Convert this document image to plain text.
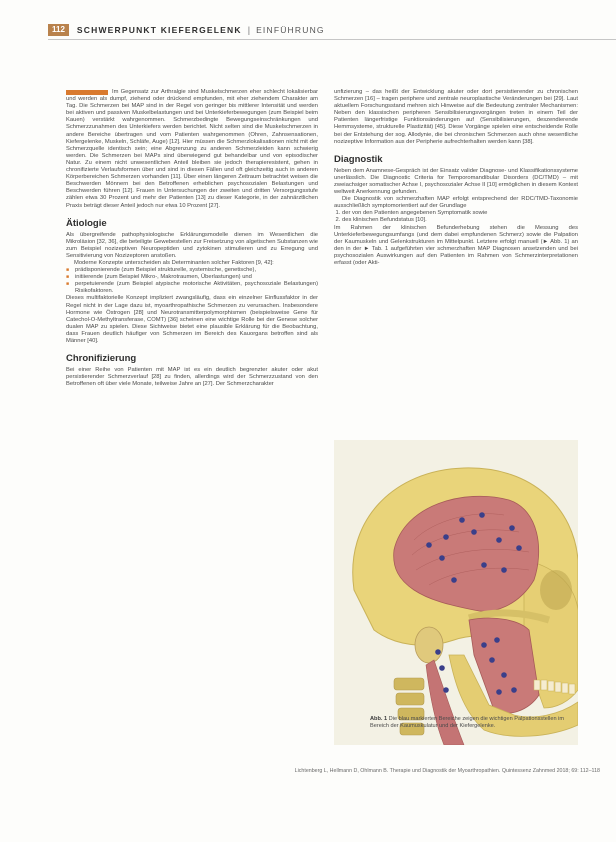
112	SCHWERPUNKT KIEFERGELENK | EINFÜHRUNG

Im Gegensatz zur Arthralgie sind Muskelschmerzen eher schlecht lokalisierbar und werden als dumpf, ziehend oder drückend empfunden, mit eher ziehendem Charakter am Tag. Die Schmerzen bei MAP sind in der Regel von geringer bis mittlerer Intensität und werden bei aktiven und passiven Muskelbelastungen und bei Unterkieferbewegungen (zum Beispiel beim Kauen) verstärkt wahrgenommen. Schmerzbedingte Bewegungseinschränkungen und Schmerzzunahmen des Unterkiefers werden berichtet. Nicht selten sind die Muskelschmerzen in andere Bereiche übertragen und vom Patienten wahrgenommen (Ohren, Zahnsensationen, Kiefergelenke, Muskeln, Schläfe, Auge) [12]. Hier müssen die Schmerzlokalisationen nicht mit der Schmerzquelle identisch sein; eine Abgrenzung zu anderen Schmerzleiden kann schwierig werden. Die Schmerzen bei MAPs sind überwiegend gut behandelbar und von episodischer Natur. Zu einem nicht unwesentlichen Anteil bleiben sie jedoch therapieresistent, gehen in chronifizierte Verlaufsformen über und sind in diesen Fällen und oft gleichzeitig auch in anderen Körperbereichen Schmerzen vorhanden [11]. Über einen längeren Zeitraum betrachtet weisen die Beschwerden Mönnern bei den Betroffenen erheblichen psychosozialen Belastungen und Beschwerden führen [12]. Frauen in Untersuchungen der zweiten und dritten Versorgungsstufe zählen etwa 30 Prozent und mehr der Patienten [13] zu dieser Kategorie, in der zahnärztlichen Praxis beträgt dieser Anteil jedoch nur etwa 10 Prozent [27].

Ätiologie

Als übergreifende pathophysiologische Erklärungsmodelle dienen im Wesentlichen die Mikroläsion [32, 36], die beteiligte Gewebestellen zur Freisetzung von algetischen Substanzen wie zum Beispiel nozizeptiven Neuropeptiden und zytokinen stimulieren und zu Erregung und Sensitivierung von Nozizeptoren anstoßen.

Moderne Konzepte unterscheiden als Determinanten solcher Faktoren [9, 42]:

■ prädisponierende (zum Beispiel strukturelle, systemische, genetische),
■ initiierende (zum Beispiel Mikro-, Makrotraumen, Überlastungen) und
■ perpetuierende (zum Beispiel atypische motorische Aktivitäten, psychosoziale Belastungen) Risikofaktoren.

Dieses multifaktorielle Konzept impliziert zwangsläufig, dass ein einzelner Einflussfaktor in der Regel nicht in der Lage dazu ist, myoarthropathische Schmerzen zu verursachen. Insbesondere Hormone wie Östrogen [28] und Neurotransmitterpolymorphismen (beispielsweise Gene für Catechol-O-Methyltransferase, COMT) [36] scheinen eine wichtige Rolle bei der Genese solcher dualen MAP zu spielen. Diese Sichtweise bietet eine plausible Erklärung für die Beobachtung, dass Frauen deutlich häufiger von Schmerzen im Bereich des Kauorgans betroffen sind als Männer [40].

Chronifizierung

Bei einer Reihe von Patienten mit MAP ist es ein deutlich begrenzter akuter oder akut persistierender Schmerzverlauf [28] zu finden, allerdings wird der Schmerzzustand von den Betroffenen oft über viele Monate, teilweise Jahre an [27]. Der Schmerzcharakter

unfizierung – das heißt der Entwicklung akuter oder dort persistierender zu chronischen Schmerzen [16] – tragen periphere und zentrale neuroplastische Veränderungen bei [29]. Laut aktuellem Forschungsstand mehren sich Hinweise auf die Bedeutung zentraler Mechanismen: Neben den klassischen peripheren Sensibilisierungsvorgängen treten in einem Teil der Patienten längerfristige Funktionsänderungen auf (Sensibilisierungen, deszendierende Hemmsysteme, strukturelle Plastizität) [45]. Diese Vorgänge spielen eine entscheidende Rolle bei der Entstehung der sog. Allodynie, die bei chronischen Schmerzen auch ohne wesentliche nozizeptive Information aus der Peripherie aufrechterhalten werden kann [38].

Diagnostik

Neben dem Anamnese-Gespräch ist der Einsatz valider Diagnose- und Klassifikationssysteme unerlässlich. Die Diagnostic Criteria for Temporomandibular Disorders (DC/TMD) – mit zweiachsiger somatischer Achse I, psychosozialer Achse II [10] ermöglichen in diesem Kontext weltweit Anerkennung gefunden.

Die Diagnostik von schmerzhaften MAP erfolgt entsprechend der RDC/TMD-Taxonomie ausschließlich symptomorientiert auf der Grundlage

1. der von den Patienten angegebenen Symptomatik sowie
2. des klinischen Befundstatus [10].

Im Rahmen der klinischen Befunderhebung stehen die Messung des Unterkieferbewegungsumfangs (und dem dabei empfundenen Schmerz) sowie die Palpation der Kaumuskeln und Gelenkstrukturen im Mittelpunkt. Letztere erfolgt manuell (► Abb. 1) an den in der ► Tab. 1 aufgeführten vier schmerzhaften MAP Diagnosen ansetzenden und bei psychosozialen Auswirkungen auf den Patienten im Rahmen von Schmerzinterpretationen erfasst (oder Akti-

Abb. 1 Die blau markierten Bereiche zeigen die wichtigen Palpationsstellen im Bereich der Kaumuskulatur und der Kiefergelenke.
Lichtenberg L, Hellmann D, Ohlmann B. Therapie und Diagnostik der Myoarthropathien. Quintessenz Zahnmed 2018; 69: 112–118
